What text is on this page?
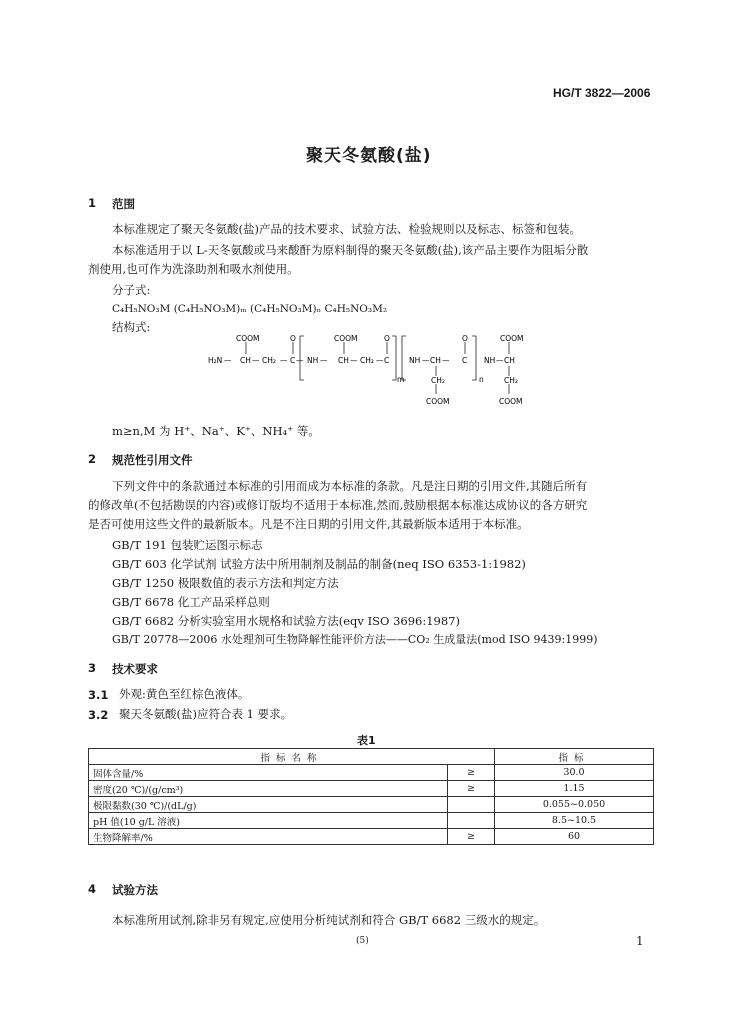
HG/T 3822—2006
聚天冬氨酸(盐)
1 范围
本标准规定了聚天冬氨酸(盐)产品的技术要求、试验方法、检验规则以及标志、标签和包装。
本标准适用于以 L-天冬氨酸或马来酸酐为原料制得的聚天冬氨酸(盐),该产品主要作为阻垢分散
剂使用,也可作为洗涤助剂和吸水剂使用。
分子式:
C₄H₅NO₃M (C₄H₅NO₃M)ₘ (C₄H₅NO₃M)ₙ C₄H₅NO₃M₂
结构式:
COOM	O	COOM	O	O	COOM
H₂N — CH — CH₂ — C — NH — CH — CH₂ — C
m
NH — CH — C
n
NH — CH
CH₂	CH₂
COOM	COOM
m≥n,M 为 H⁺、Na⁺、K⁺、NH₄⁺ 等。
2 规范性引用文件
下列文件中的条款通过本标准的引用而成为本标准的条款。凡是注日期的引用文件,其随后所有
的修改单(不包括勘误的内容)或修订版均不适用于本标准,然而,鼓励根据本标准达成协议的各方研究
是否可使用这些文件的最新版本。凡是不注日期的引用文件,其最新版本适用于本标准。
GB/T 191 包装贮运图示标志
GB/T 603 化学试剂 试验方法中所用制剂及制品的制备(neq ISO 6353-1:1982)
GB/T 1250 极限数值的表示方法和判定方法
GB/T 6678 化工产品采样总则
GB/T 6682 分析实验室用水规格和试验方法(eqv ISO 3696:1987)
GB/T 20778—2006 水处理剂可生物降解性能评价方法——CO₂ 生成量法(mod ISO 9439:1999)
3 技术要求
3.1 外观:黄色至红棕色液体。
3.2 聚天冬氨酸(盐)应符合表 1 要求。
表1
指标名称		指标
固体含量/%	≥	30.0
密度(20 ℃)/(g/cm³)	≥	1.15
极限黏数(30 ℃)/(dL/g)		0.055~0.050
pH 值(10 g/L 溶液)		8.5~10.5
生物降解率/%	≥	60
4 试验方法
本标准所用试剂,除非另有规定,应使用分析纯试剂和符合 GB/T 6682 三级水的规定。
(5)	1
